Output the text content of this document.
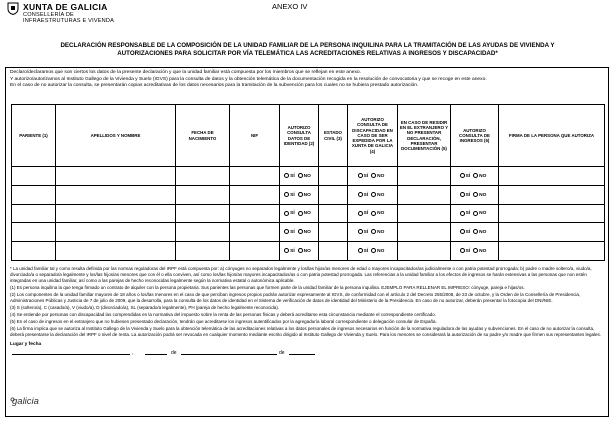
XUNTA DE GALICIA
CONSELLERÍA DE
INFRAESTRUTURAS E VIVENDA
ANEXO IV
DECLARACIÓN RESPONSABLE DE LA COMPOSICIÓN DE LA UNIDAD FAMILIAR DE LA PERSONA INQUILINA PARA LA TRAMITACIÓN DE LAS AYUDAS DE VIVIENDA Y
AUTORIZACIONES PARA SOLICITAR POR VÍA TELEMÁTICA LAS ACREDITACIONES RELATIVAS A INGRESOS Y DISCAPACIDAD*
Declaro/declaramos que son ciertos los datos de la presente declaración y que la unidad familiar está compuesta por los miembros que se reflejan en este anexo.
Y autorizo/autorizamos al Instituto Gallego de la Vivienda y Suelo (IGVS) para la consulta de datos y la obtención telemática de la documentación recogida en la resolución de convocatoria y que se recoge en este anexo.
En el caso de no autorizar la consulta, se presentarán copias acreditativas de los datos necesarios para la tramitación de la subvención para los cuales no se hubiera prestado autorización.
PARIENTE (1)	APELLIDOS Y NOMBRE	FECHA DE NACIMIENTO	NIF	AUTORIZO CONSULTA DATOS DE IDENTIDAD (2)	ESTADO CIVIL (3)	AUTORIZO CONSULTA DE DISCAPACIDAD EN CASO DE SER EXPEDIDA POR LA XUNTA DE GALICIA (4)	EN CASO DE RESIDIR EN EL EXTRANJERO Y NO PRESENTAR DECLARACIÓN, PRESENTAR DOCUMENTACIÓN (5)	AUTORIZO CONSULTA DE INGRESOS (6)	FIRMA DE LA PERSONA QUE AUTORIZA
				SÍ NO		SÍ NO		SÍ NO	
				SÍ NO		SÍ NO		SÍ NO	
				SÍ NO		SÍ NO		SÍ NO	
				SÍ NO		SÍ NO		SÍ NO	
				SÍ NO		SÍ NO		SÍ NO	

* La unidad familiar tal y como resulta definida por las normas reguladoras del IRPF está compuesta por: a) cónyuges no separados legalmente y los/las hijos/as menores de edad o mayores incapacitados/as judicialmente o con patria potestad prorrogada; b) padre o madre soltero/a, viudo/a, divorciado/a o separado/a legalmente y los/las hijos/as menores que con él o ella conviven, así como los/las hijos/as mayores incapacitados/as o con patria potestad prorrogada. Las referencias a la unidad familiar a los efectos de ingresos se harán extensivas a las personas que non estén integradas en una unidad familiar, así como a las parejas de hecho reconocidas legalmente según la normativa estatal o autonómica aplicable.

(1) Es persona inquilina la que tenga firmado un contrato de alquiler con la persona propietaria. Sus parientes las personas que formen parte de la unidad familiar de la persona inquilina. EJEMPLO PARA RELLENAR EL IMPRESO: cónyuge, pareja e hijas/os.

(2) Los componentes de la unidad familiar mayores de 18 años o los/las menores en el caso de que perciban ingresos propios podrán autorizar expresamente al IGVS, de conformidad con el artículo 2 del Decreto 255/2008, de 23 de octubre, y la Orden de la Consellería de Presidencia, Administraciones Públicas y Justicia de 7 de julio de 2009, que la desarrolla, para la consulta de los datos de identidad en el Sistema de verificación de datos de identidad del Ministerio de la Presidencia. En caso de no autorizar, deberán presentar la fotocopia del DNI/NIE.

(3) S (soltero/a), C (casado/a), V (viudo/a), D (divorciado/a), SL (separado/a legalmente), PH (pareja de hecho legalmente reconocida).

(4) Se entiende por personas con discapacidad las comprendidas en la normativa del impuesto sobre la renta de las personas físicas y deberá acreditarse esta circunstancia mediante el correspondiente certificado.

(5) En el caso de ingresos en el extranjero que no hubiesen presentado declaración, tendrán que acreditarse los ingresos autentificados por la agregaduría laboral correspondiente o delegación consular de España.

(6) La firma implica que se autoriza al Instituto Gallego de la Vivienda y Suelo para la obtención telemática de las acreditaciones relativas a los datos personales de ingresos necesarios en función de la normativa reguladora de las ayudas y subvenciones. En el caso de no autorizar la consulta, deberá presentarse la declaración del IRPF o nivel de renta. La autorización podrá ser revocada en cualquier momento mediante escrito dirigido al Instituto Gallego de Vivienda y Suelo. Para los menores se considerará la autorización de su padre y/o madre que firmen sus representantes legales.

Lugar y fecha
,	de	de
galicia
